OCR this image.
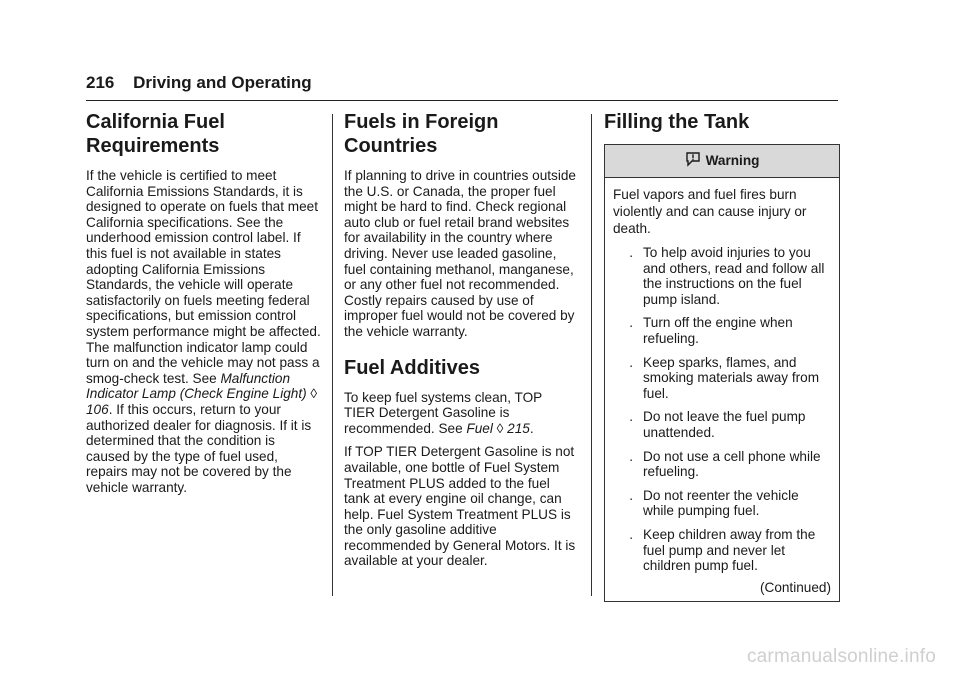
216 Driving and Operating
California Fuel Requirements

If the vehicle is certified to meet California Emissions Standards, it is designed to operate on fuels that meet California specifications. See the underhood emission control label. If this fuel is not available in states adopting California Emissions Standards, the vehicle will operate satisfactorily on fuels meeting federal specifications, but emission control system performance might be affected. The malfunction indicator lamp could turn on and the vehicle may not pass a smog-check test. See Malfunction Indicator Lamp (Check Engine Light) ◊ 106. If this occurs, return to your authorized dealer for diagnosis. If it is determined that the condition is caused by the type of fuel used, repairs may not be covered by the vehicle warranty.

Fuels in Foreign Countries

If planning to drive in countries outside the U.S. or Canada, the proper fuel might be hard to find. Check regional auto club or fuel retail brand websites for availability in the country where driving. Never use leaded gasoline, fuel containing methanol, manganese, or any other fuel not recommended. Costly repairs caused by use of improper fuel would not be covered by the vehicle warranty.

Fuel Additives

To keep fuel systems clean, TOP TIER Detergent Gasoline is recommended. See Fuel ◊ 215.

If TOP TIER Detergent Gasoline is not available, one bottle of Fuel System Treatment PLUS added to the fuel tank at every engine oil change, can help. Fuel System Treatment PLUS is the only gasoline additive recommended by General Motors. It is available at your dealer.

Filling the Tank
Warning
Fuel vapors and fuel fires burn violently and can cause injury or death.
. To help avoid injuries to you and others, read and follow all the instructions on the fuel pump island.
. Turn off the engine when refueling.
. Keep sparks, flames, and smoking materials away from fuel.
. Do not leave the fuel pump unattended.
. Do not use a cell phone while refueling.
. Do not reenter the vehicle while pumping fuel.
. Keep children away from the fuel pump and never let children pump fuel.
(Continued)
carmanualsonline.info
